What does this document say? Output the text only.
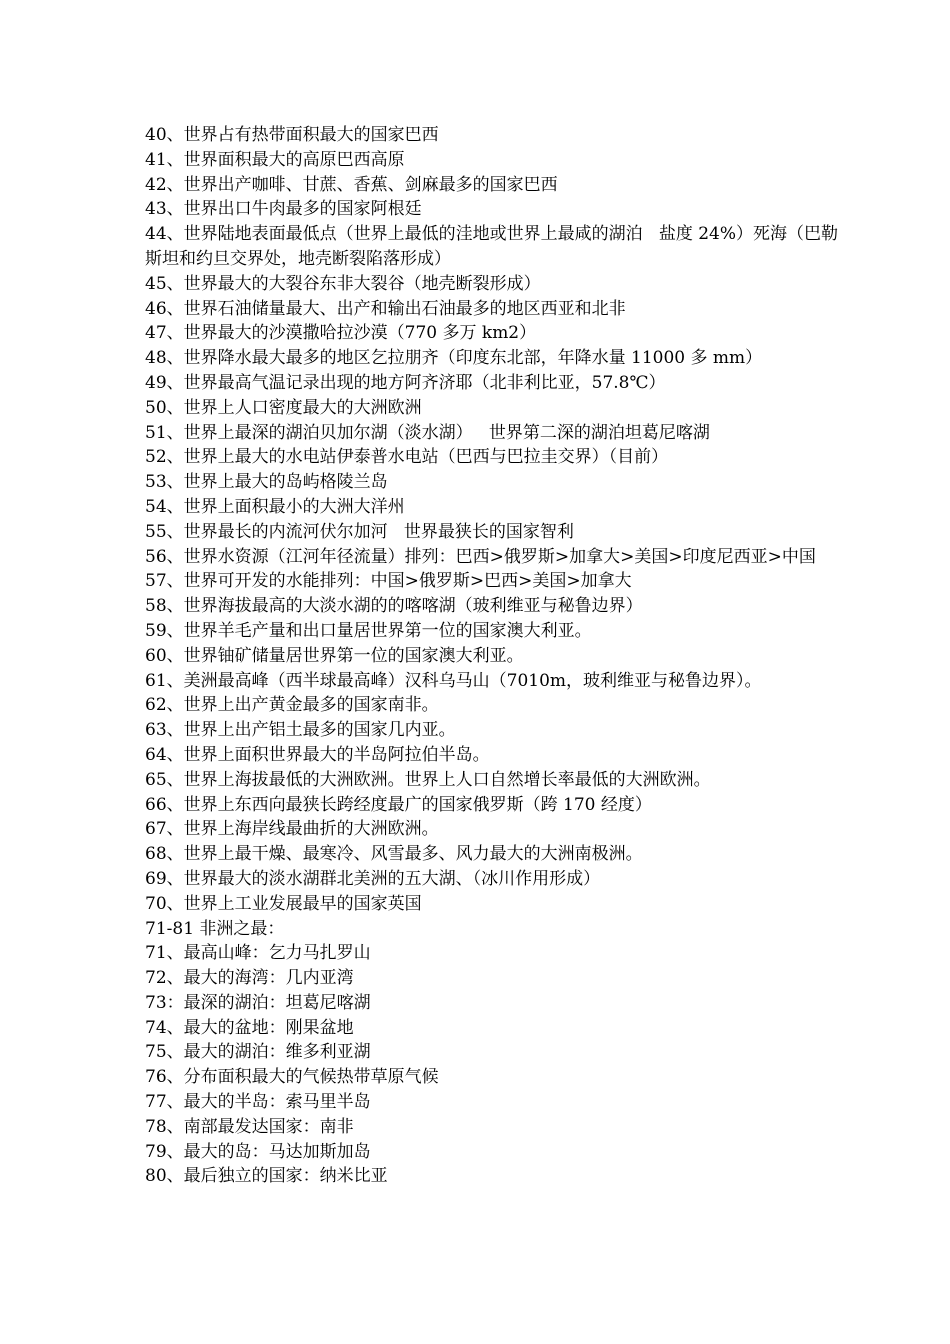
40、世界占有热带面积最大的国家巴西

41、世界面积最大的高原巴西高原

42、世界出产咖啡、甘蔗、香蕉、剑麻最多的国家巴西

43、世界出口牛肉最多的国家阿根廷

44、世界陆地表面最低点（世界上最低的洼地或世界上最咸的湖泊   盐度 24%）死海（巴勒斯坦和约旦交界处，地壳断裂陷落形成）

45、世界最大的大裂谷东非大裂谷（地壳断裂形成）

46、世界石油储量最大、出产和输出石油最多的地区西亚和北非

47、世界最大的沙漠撒哈拉沙漠（770 多万 km2）

48、世界降水最大最多的地区乞拉朋齐（印度东北部，年降水量 11000 多 mm）

49、世界最高气温记录出现的地方阿齐济耶（北非利比亚，57.8℃）

50、世界上人口密度最大的大洲欧洲

51、世界上最深的湖泊贝加尔湖（淡水湖）   世界第二深的湖泊坦葛尼喀湖

52、世界上最大的水电站伊泰普水电站（巴西与巴拉圭交界）（目前）

53、世界上最大的岛屿格陵兰岛

54、世界上面积最小的大洲大洋州

55、世界最长的内流河伏尔加河   世界最狭长的国家智利

56、世界水资源（江河年径流量）排列：巴西>俄罗斯>加拿大>美国>印度尼西亚>中国

57、世界可开发的水能排列：中国>俄罗斯>巴西>美国>加拿大

58、世界海拔最高的大淡水湖的的喀喀湖（玻利维亚与秘鲁边界）

59、世界羊毛产量和出口量居世界第一位的国家澳大利亚。

60、世界铀矿储量居世界第一位的国家澳大利亚。

61、美洲最高峰（西半球最高峰）汉科乌马山（7010m，玻利维亚与秘鲁边界）。

62、世界上出产黄金最多的国家南非。

63、世界上出产铝土最多的国家几内亚。

64、世界上面积世界最大的半岛阿拉伯半岛。

65、世界上海拔最低的大洲欧洲。世界上人口自然增长率最低的大洲欧洲。

66、世界上东西向最狭长跨经度最广的国家俄罗斯（跨 170 经度）

67、世界上海岸线最曲折的大洲欧洲。

68、世界上最干燥、最寒冷、风雪最多、风力最大的大洲南极洲。

69、世界最大的淡水湖群北美洲的五大湖、（冰川作用形成）

70、世界上工业发展最早的国家英国

71-81 非洲之最：

71、最高山峰：乞力马扎罗山

72、最大的海湾：几内亚湾

73：最深的湖泊：坦葛尼喀湖

74、最大的盆地：刚果盆地

75、最大的湖泊：维多利亚湖

76、分布面积最大的气候热带草原气候

77、最大的半岛：索马里半岛

78、南部最发达国家：南非

79、最大的岛：马达加斯加岛

80、最后独立的国家：纳米比亚
